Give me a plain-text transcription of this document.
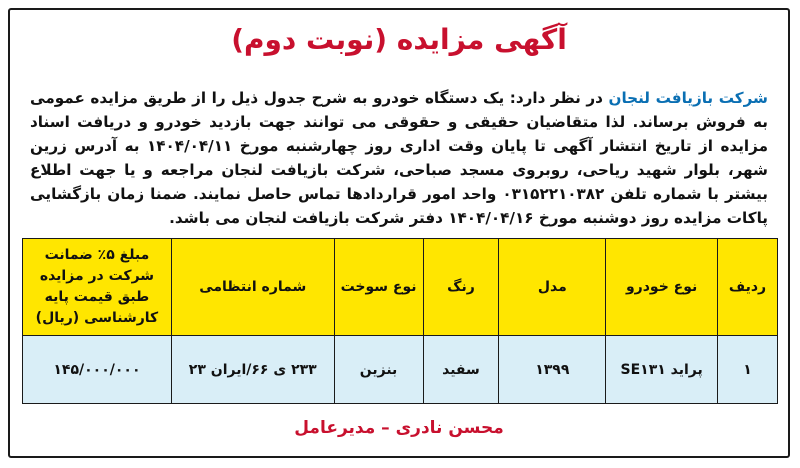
آگهی مزایده (نوبت دوم)
شرکت بازیافت لنجان در نظر دارد: یک دستگاه خودرو به شرح جدول ذیل را از طریق مزایده عمومی به فروش برساند. لذا متقاضیان حقیقی و حقوقی می توانند جهت بازدید خودرو و دریافت اسناد مزایده از تاریخ انتشار آگهی تا پایان وقت اداری روز چهارشنبه مورخ ۱۴۰۴/۰۴/۱۱ به آدرس زرین شهر، بلوار شهید ریاحی، روبروی مسجد صباحی، شرکت بازیافت لنجان مراجعه و یا جهت اطلاع بیشتر با شماره تلفن ۰۳۱۵۲۲۱۰۳۸۲ واحد امور قراردادها تماس حاصل نمایند. ضمنا زمان بازگشایی پاکات مزایده روز دوشنبه مورخ ۱۴۰۴/۰۴/۱۶ دفتر شرکت بازیافت لنجان می باشد.
ردیف	نوع خودرو	مدل	رنگ	نوع سوخت	شماره انتظامی	مبلغ ۵٪ ضمانت شرکت در مزایده طبق قیمت پایه کارشناسی (ریال)
۱	پراید SE۱۳۱	۱۳۹۹	سفید	بنزین	۲۳۳ ی ۶۶/ایران ۲۳	۱۴۵/۰۰۰/۰۰۰
محسن نادری – مدیرعامل
